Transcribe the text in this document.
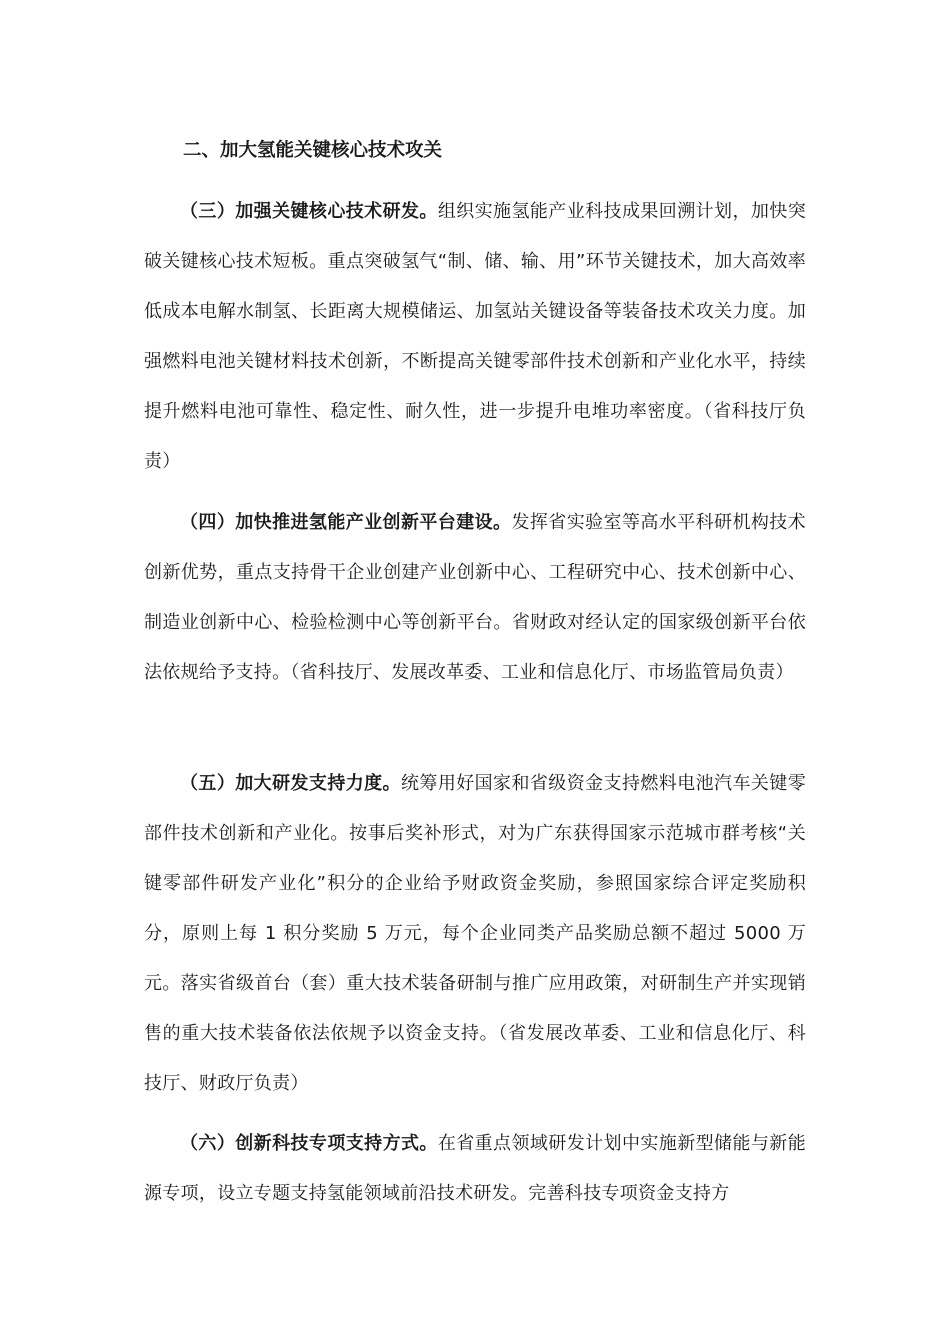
二、加大氢能关键核心技术攻关

（三）加强关键核心技术研发。组织实施氢能产业科技成果回溯计划，加快突破关键核心技术短板。重点突破氢气“制、储、输、用”环节关键技术，加大高效率低成本电解水制氢、长距离大规模储运、加氢站关键设备等装备技术攻关力度。加强燃料电池关键材料技术创新，不断提高关键零部件技术创新和产业化水平，持续提升燃料电池可靠性、稳定性、耐久性，进一步提升电堆功率密度。（省科技厅负责）

（四）加快推进氢能产业创新平台建设。发挥省实验室等高水平科研机构技术创新优势，重点支持骨干企业创建产业创新中心、工程研究中心、技术创新中心、制造业创新中心、检验检测中心等创新平台。省财政对经认定的国家级创新平台依法依规给予支持。（省科技厅、发展改革委、工业和信息化厅、市场监管局负责）

（五）加大研发支持力度。统筹用好国家和省级资金支持燃料电池汽车关键零部件技术创新和产业化。按事后奖补形式，对为广东获得国家示范城市群考核“关键零部件研发产业化”积分的企业给予财政资金奖励，参照国家综合评定奖励积分，原则上每 1 积分奖励 5 万元，每个企业同类产品奖励总额不超过 5000 万元。落实省级首台（套）重大技术装备研制与推广应用政策，对研制生产并实现销售的重大技术装备依法依规予以资金支持。（省发展改革委、工业和信息化厅、科技厅、财政厅负责）

（六）创新科技专项支持方式。在省重点领域研发计划中实施新型储能与新能源专项，设立专题支持氢能领域前沿技术研发。完善科技专项资金支持方
